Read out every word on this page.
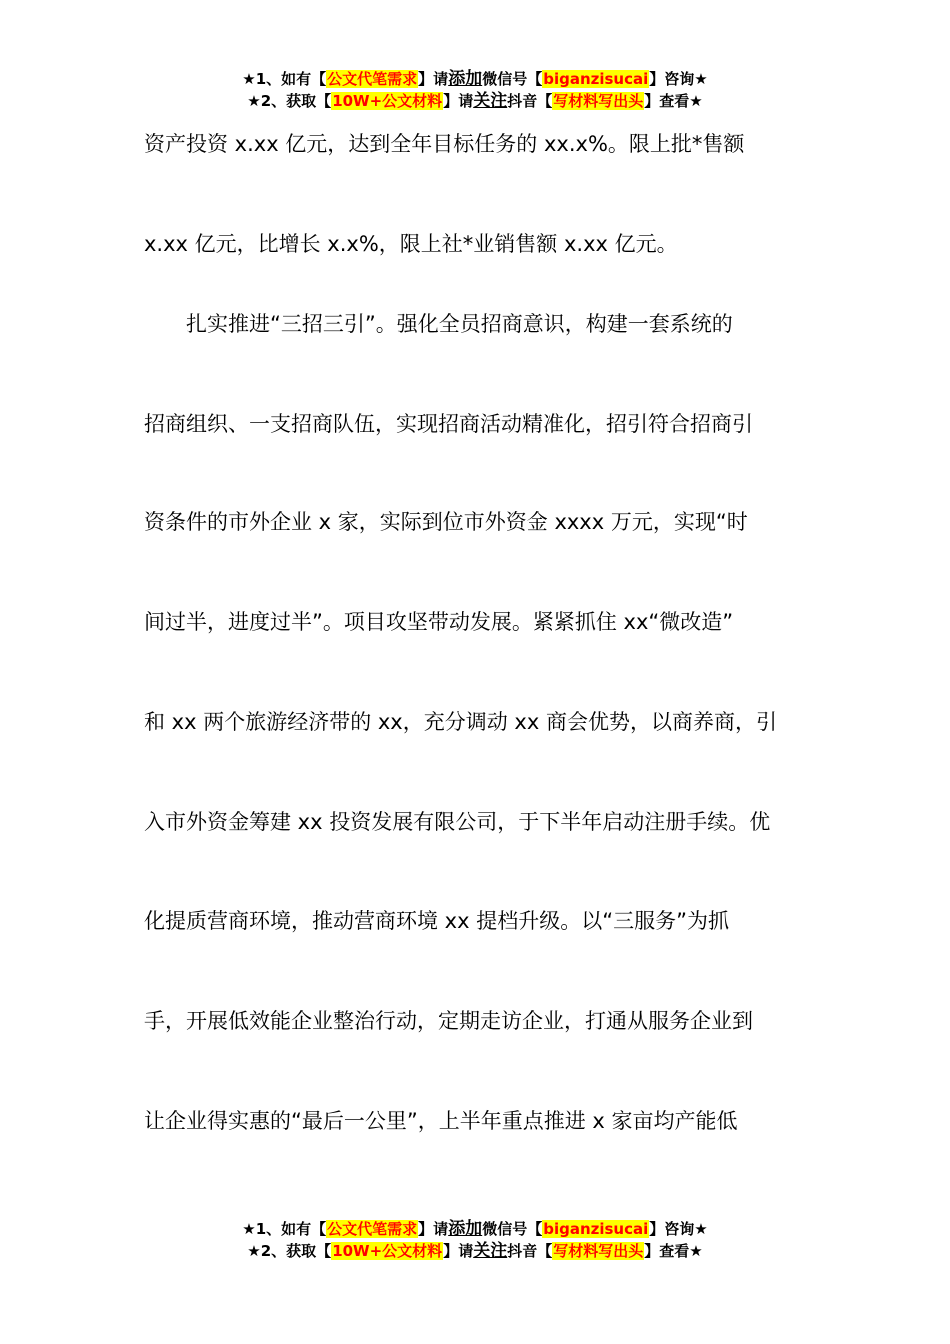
★1、如有【公文代笔需求】请添加微信号【biganzisucai】咨询★
★2、获取【10W+公文材料】请关注抖音【写材料写出头】查看★
资产投资 x.xx 亿元，达到全年目标任务的 xx.x%。限上批*售额
x.xx 亿元，比增长 x.x%，限上社*业销售额 x.xx 亿元。
　　扎实推进“三招三引”。强化全员招商意识，构建一套系统的
招商组织、一支招商队伍，实现招商活动精准化，招引符合招商引
资条件的市外企业 x 家，实际到位市外资金 xxxx 万元，实现“时
间过半，进度过半”。项目攻坚带动发展。紧紧抓住 xx“微改造”
和 xx 两个旅游经济带的 xx，充分调动 xx 商会优势，以商养商，引
入市外资金筹建 xx 投资发展有限公司，于下半年启动注册手续。优
化提质营商环境，推动营商环境 xx 提档升级。以“三服务”为抓
手，开展低效能企业整治行动，定期走访企业，打通从服务企业到
让企业得实惠的“最后一公里”，上半年重点推进 x 家亩均产能低
★1、如有【公文代笔需求】请添加微信号【biganzisucai】咨询★
★2、获取【10W+公文材料】请关注抖音【写材料写出头】查看★
